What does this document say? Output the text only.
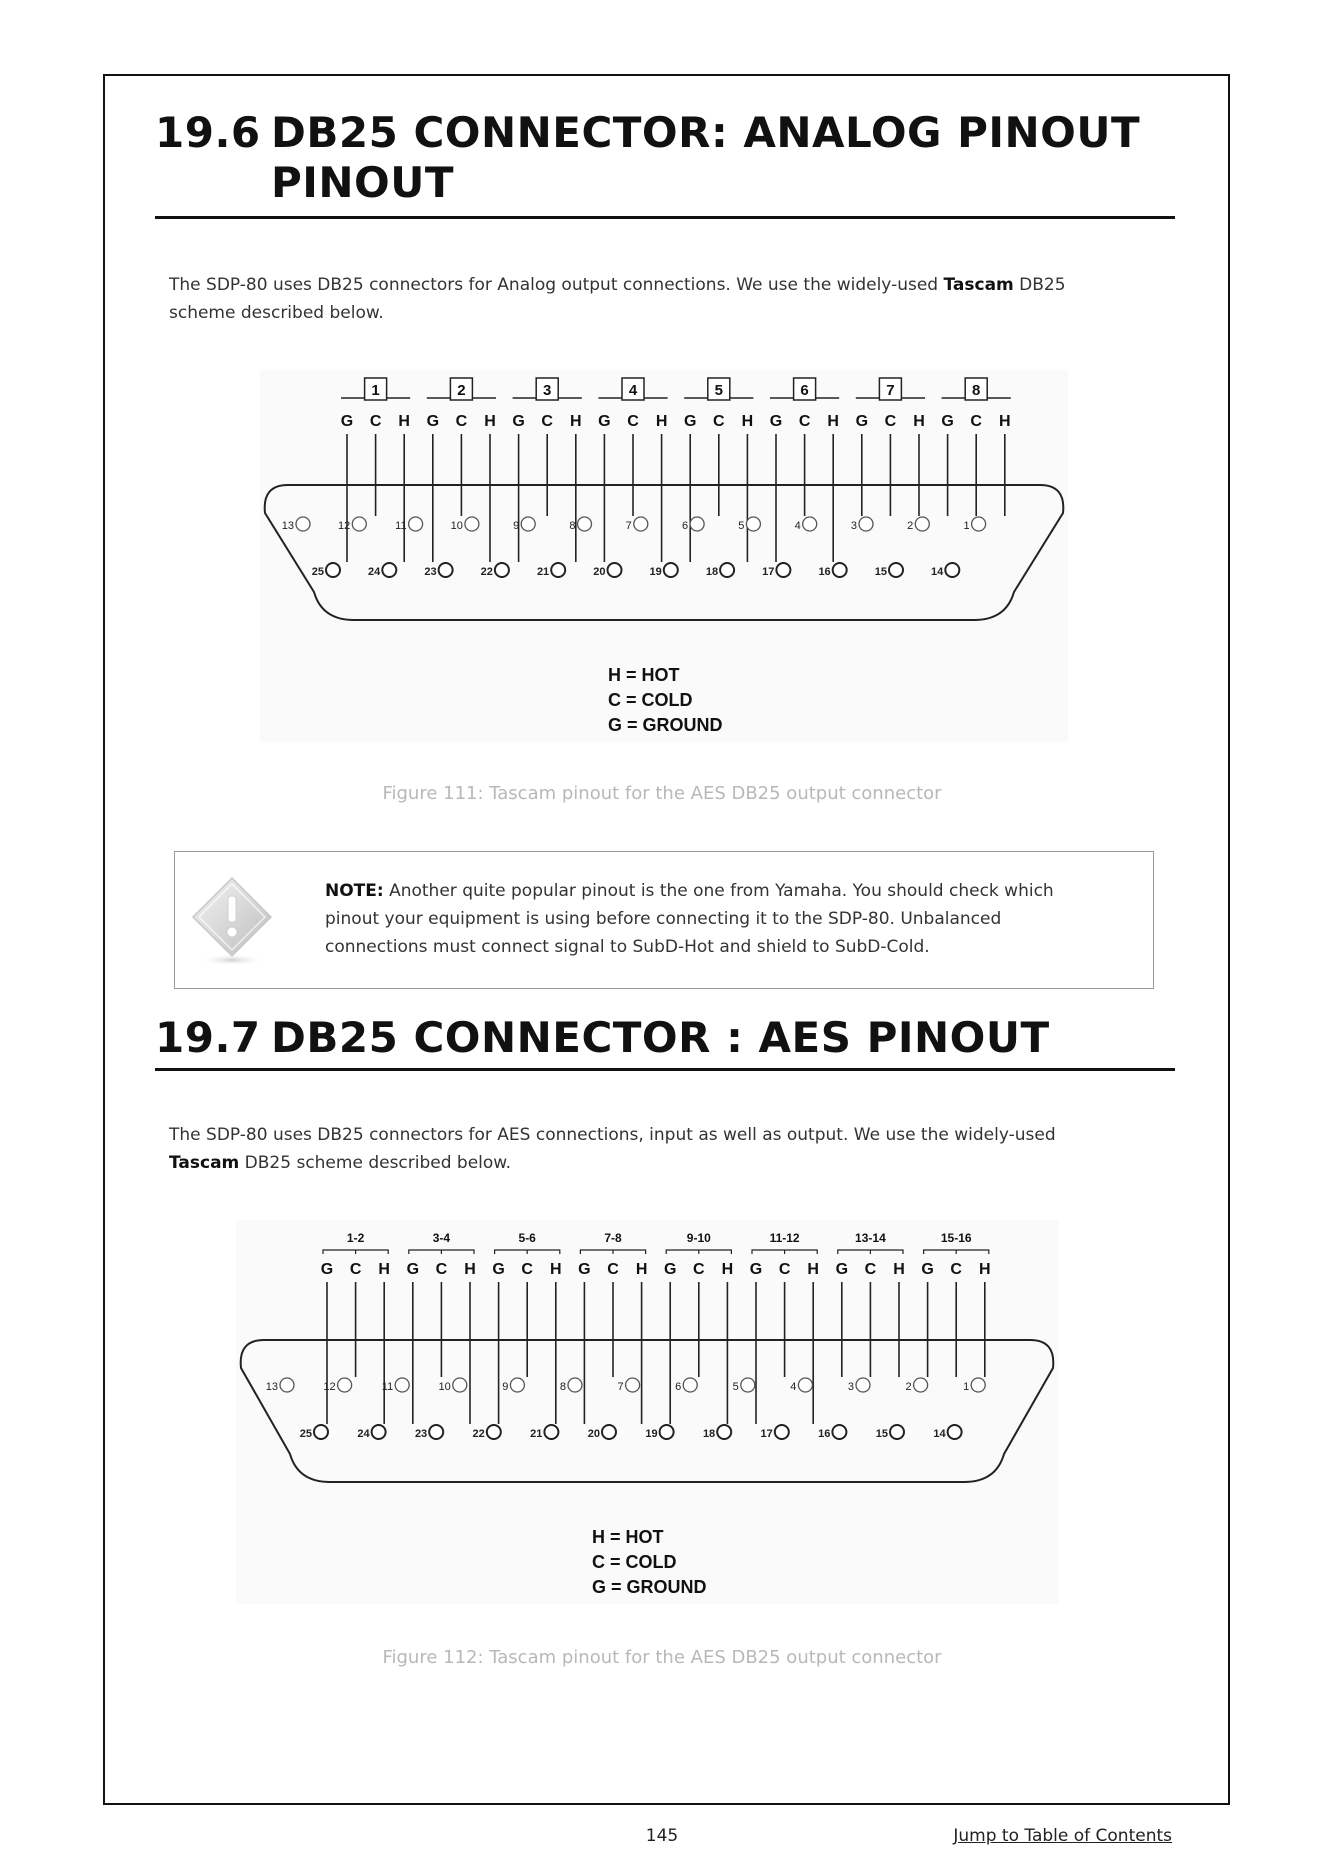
19.6 DB25 CONNECTOR: ANALOG PINOUT
PINOUT
The SDP-80 uses DB25 connectors for Analog output connections. We use the widely-used Tascam DB25
scheme described below.
1	2	3	4	5	6	7	8
G C H G C H G C H G C H G C H G C H G C H G C H
13	12	11	10	9	8	7	6	5	4	3	2	1
25	24	23	22	21	20	19	18	17	16	15	14
H = HOT
C = COLD
G = GROUND
Figure 111: Tascam pinout for the AES DB25 output connector
NOTE: Another quite popular pinout is the one from Yamaha. You should check which
pinout your equipment is using before connecting it to the SDP-80. Unbalanced
connections must connect signal to SubD-Hot and shield to SubD-Cold.
19.7 DB25 CONNECTOR : AES PINOUT
The SDP-80 uses DB25 connectors for AES connections, input as well as output. We use the widely-used
Tascam DB25 scheme described below.
1-2	3-4	5-6	7-8	9-10	11-12	13-14	15-16
G C H G C H G C H G C H G C H G C H G C H G C H
13	12	11	10	9	8	7	6	5	4	3	2	1
25	24	23	22	21	20	19	18	17	16	15	14
H = HOT
C = COLD
G = GROUND
Figure 112: Tascam pinout for the AES DB25 output connector
145	Jump to Table of Contents
